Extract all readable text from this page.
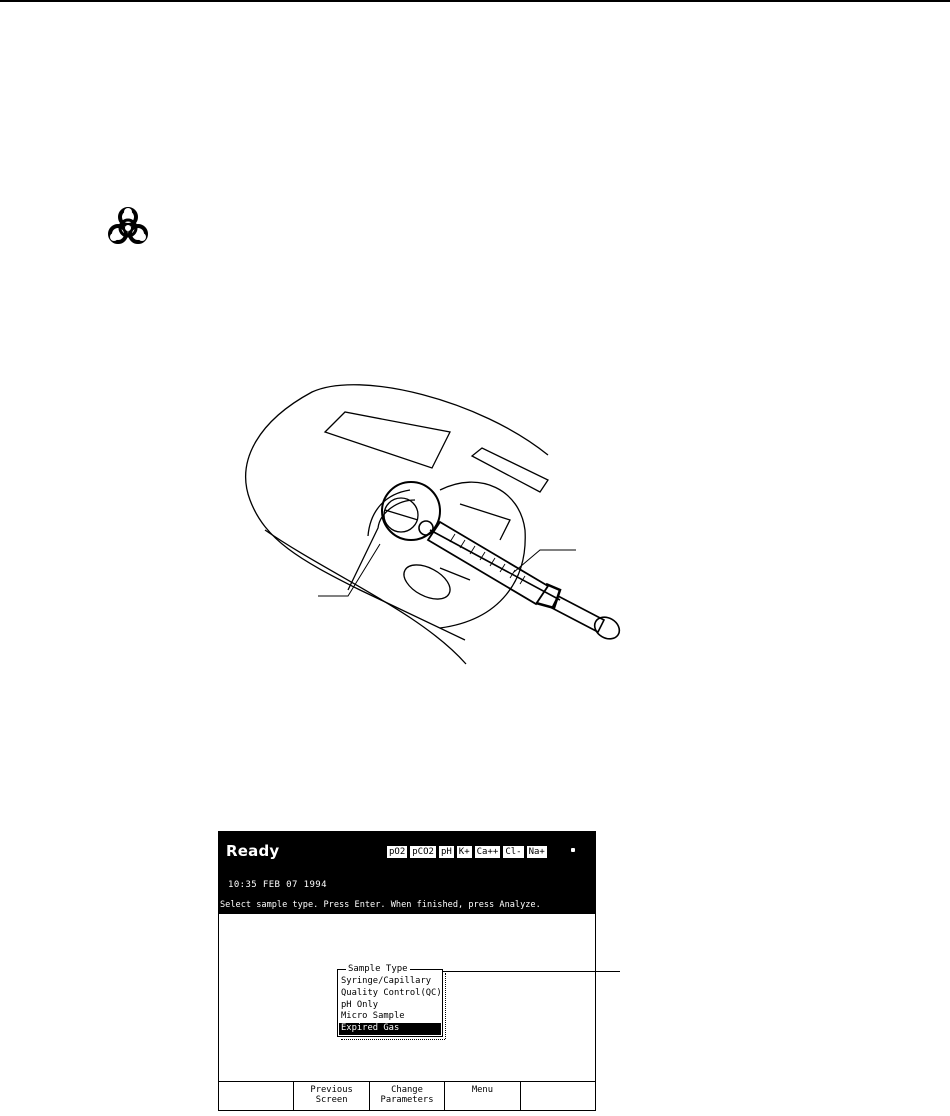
Ready	pO2 pCO2 pH K+ Ca++ Cl- Na+
10:35 FEB 07 1994
Select sample type. Press Enter. When finished, press Analyze.
Sample Type
Syringe/Capillary
Quality Control(QC)
pH Only
Micro Sample
Expired Gas
Previous
Screen
Change
Parameters
Menu
